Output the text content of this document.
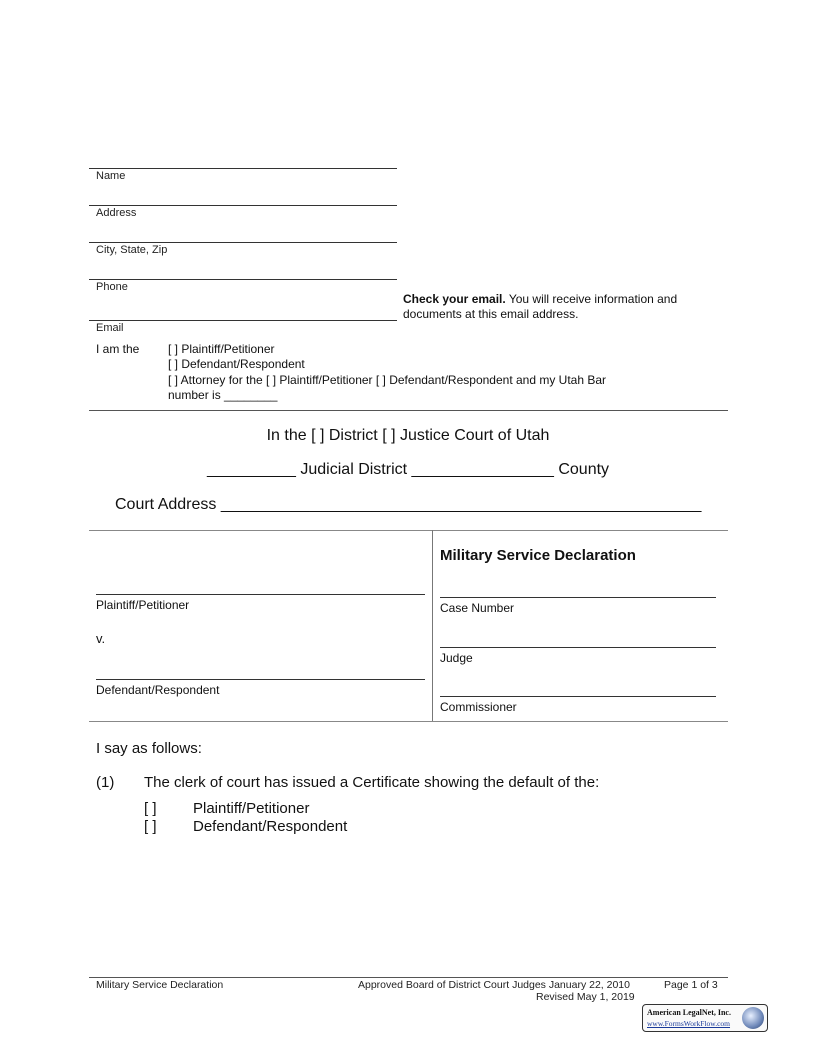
Name
Address
City, State, Zip
Phone
Email
Check your email. You will receive information and
documents at this email address.
I am the [ ] Plaintiff/Petitioner
[ ] Defendant/Respondent
[ ] Attorney for the [ ] Plaintiff/Petitioner [ ] Defendant/Respondent and my Utah Bar
number is ________
In the [ ] District [ ] Justice Court of Utah
__________ Judicial District ________________ County
Court Address ______________________________________________________
Plaintiff/Petitioner
v.
Defendant/Respondent
Military Service Declaration
Case Number
Judge
Commissioner
I say as follows:
(1) The clerk of court has issued a Certificate showing the default of the:
[ ] Plaintiff/Petitioner
[ ] Defendant/Respondent
Military Service Declaration	Approved Board of District Court Judges January 22, 2010
Revised May 1, 2019
Page 1 of 3
American LegalNet, Inc.
www.FormsWorkFlow.com
